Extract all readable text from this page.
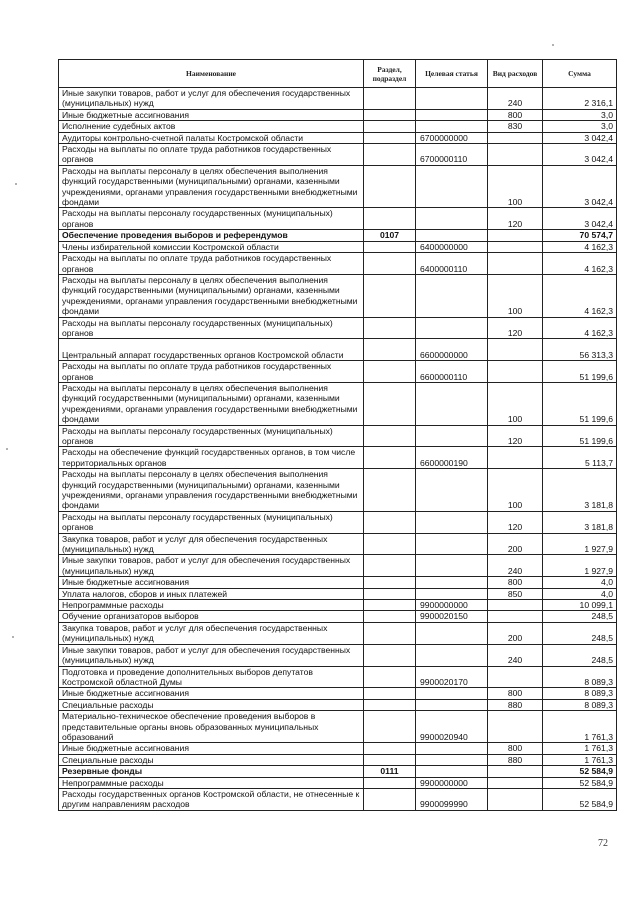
Наименование	Раздел, подраздел	Целевая статья	Вид расходов	Сумма
Иные закупки товаров, работ и услуг для обеспечения государственных (муниципальных) нужд			240	2 316,1
Иные бюджетные ассигнования			800	3,0
Исполнение судебных актов			830	3,0
Аудиторы контрольно-счетной палаты Костромской области		6700000000		3 042,4
Расходы на выплаты по оплате труда работников государственных органов		6700000110		3 042,4
Расходы на выплаты персоналу в целях обеспечения выполнения функций государственными (муниципальными) органами, казенными учреждениями, органами управления государственными внебюджетными фондами			100	3 042,4
Расходы на выплаты персоналу государственных (муниципальных) органов			120	3 042,4
Обеспечение проведения выборов и референдумов	0107			70 574,7
Члены избирательной комиссии Костромской области		6400000000		4 162,3
Расходы на выплаты по оплате труда работников государственных органов		6400000110		4 162,3
Расходы на выплаты персоналу в целях обеспечения выполнения функций государственными (муниципальными) органами, казенными учреждениями, органами управления государственными внебюджетными фондами			100	4 162,3
Расходы на выплаты персоналу государственных (муниципальных) органов			120	4 162,3
Центральный аппарат государственных органов Костромской области		6600000000		56 313,3
Расходы на выплаты по оплате труда работников государственных органов		6600000110		51 199,6
Расходы на выплаты персоналу в целях обеспечения выполнения функций государственными (муниципальными) органами, казенными учреждениями, органами управления государственными внебюджетными фондами			100	51 199,6
Расходы на выплаты персоналу государственных (муниципальных) органов			120	51 199,6
Расходы на обеспечение функций государственных органов, в том числе территориальных органов		6600000190		5 113,7
Расходы на выплаты персоналу в целях обеспечения выполнения функций государственными (муниципальными) органами, казенными учреждениями, органами управления государственными внебюджетными фондами			100	3 181,8
Расходы на выплаты персоналу государственных (муниципальных) органов			120	3 181,8
Закупка товаров, работ и услуг для обеспечения государственных (муниципальных) нужд			200	1 927,9
Иные закупки товаров, работ и услуг для обеспечения государственных (муниципальных) нужд			240	1 927,9
Иные бюджетные ассигнования			800	4,0
Уплата налогов, сборов и иных платежей			850	4,0
Непрограммные расходы		9900000000		10 099,1
Обучение организаторов выборов		9900020150		248,5
Закупка товаров, работ и услуг для обеспечения государственных (муниципальных) нужд			200	248,5
Иные закупки товаров, работ и услуг для обеспечения государственных (муниципальных) нужд			240	248,5
Подготовка и проведение дополнительных выборов депутатов Костромской областной Думы		9900020170		8 089,3
Иные бюджетные ассигнования			800	8 089,3
Специальные расходы			880	8 089,3
Материально-техническое обеспечение проведения выборов в представительные органы вновь образованных муниципальных образований		9900020940		1 761,3
Иные бюджетные ассигнования			800	1 761,3
Специальные расходы			880	1 761,3
Резервные фонды	0111			52 584,9
Непрограммные расходы		9900000000		52 584,9
Расходы государственных органов Костромской области, не отнесенные к другим направлениям расходов		9900099990		52 584,9
72
